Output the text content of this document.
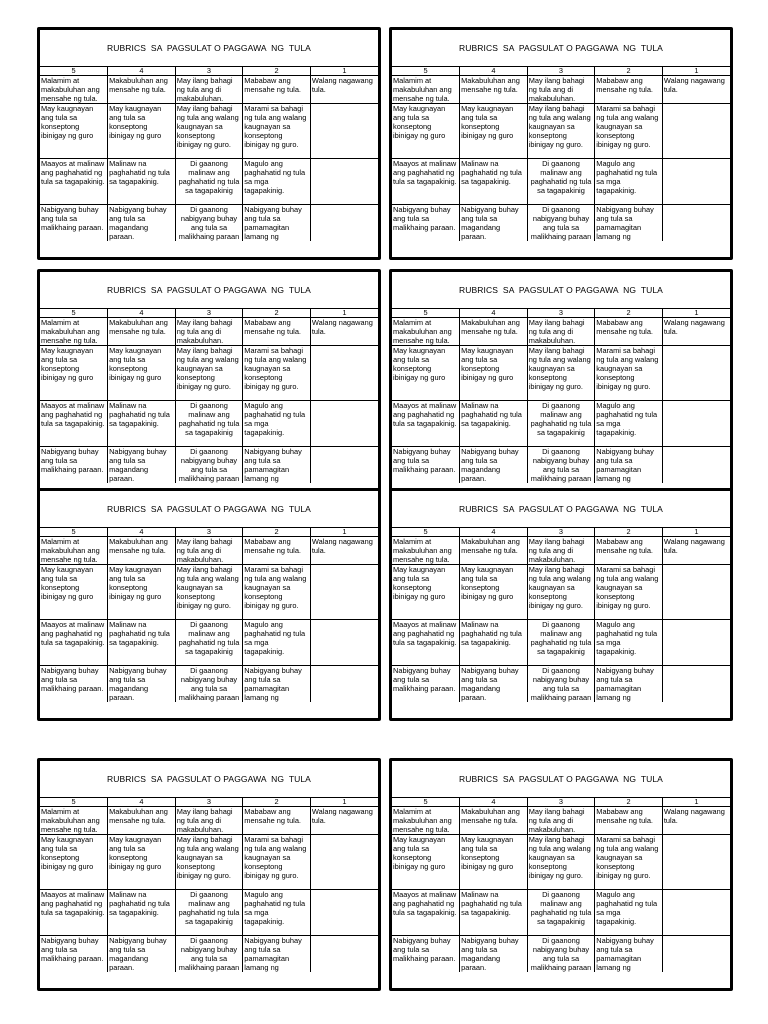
RUBRICS  SA  PAGSULAT O PAGGAWA  NG  TULA
5	4	3	2	1

Malamim at makabuluhan ang mensahe ng tula.	Makabuluhan ang mensahe ng tula.	May ilang bahagi ng tula ang di makabuluhan.	Mababaw ang mensahe ng tula.	Walang nagawang tula.

May kaugnayan ang tula sa konseptong ibinigay ng guro	May kaugnayan ang tula sa konseptong ibinigay ng guro	May ilang bahagi ng tula ang walang kaugnayan sa konseptong ibinigay ng guro.	Marami sa bahagi ng tula ang walang kaugnayan sa konseptong ibinigay ng guro.	

Maayos at malinaw ang paghahatid ng tula sa tagapakinig.	Malinaw na paghahatid ng tula sa tagapakinig.	Di gaanong malinaw ang paghahatid ng tula sa tagapakinig	Magulo ang paghahatid ng tula sa mga tagapakinig.	

Nabigyang buhay ang tula sa malikhaing paraan.	Nabigyang buhay ang tula sa magandang paraan.	Di gaanong nabigyang buhay ang tula sa malikhaing paraan	Nabigyang buhay ang tula sa pamamagitan lamang ng	

RUBRICS  SA  PAGSULAT O PAGGAWA  NG  TULA
5	4	3	2	1

Malamim at makabuluhan ang mensahe ng tula.	Makabuluhan ang mensahe ng tula.	May ilang bahagi ng tula ang di makabuluhan.	Mababaw ang mensahe ng tula.	Walang nagawang tula.

May kaugnayan ang tula sa konseptong ibinigay ng guro	May kaugnayan ang tula sa konseptong ibinigay ng guro	May ilang bahagi ng tula ang walang kaugnayan sa konseptong ibinigay ng guro.	Marami sa bahagi ng tula ang walang kaugnayan sa konseptong ibinigay ng guro.	

Maayos at malinaw ang paghahatid ng tula sa tagapakinig.	Malinaw na paghahatid ng tula sa tagapakinig.	Di gaanong malinaw ang paghahatid ng tula sa tagapakinig	Magulo ang paghahatid ng tula sa mga tagapakinig.	

Nabigyang buhay ang tula sa malikhaing paraan.	Nabigyang buhay ang tula sa magandang paraan.	Di gaanong nabigyang buhay ang tula sa malikhaing paraan	Nabigyang buhay ang tula sa pamamagitan lamang ng	

RUBRICS  SA  PAGSULAT O PAGGAWA  NG  TULA
5	4	3	2	1

Malamim at makabuluhan ang mensahe ng tula.	Makabuluhan ang mensahe ng tula.	May ilang bahagi ng tula ang di makabuluhan.	Mababaw ang mensahe ng tula.	Walang nagawang tula.

May kaugnayan ang tula sa konseptong ibinigay ng guro	May kaugnayan ang tula sa konseptong ibinigay ng guro	May ilang bahagi ng tula ang walang kaugnayan sa konseptong ibinigay ng guro.	Marami sa bahagi ng tula ang walang kaugnayan sa konseptong ibinigay ng guro.	

Maayos at malinaw ang paghahatid ng tula sa tagapakinig.	Malinaw na paghahatid ng tula sa tagapakinig.	Di gaanong malinaw ang paghahatid ng tula sa tagapakinig	Magulo ang paghahatid ng tula sa mga tagapakinig.	

Nabigyang buhay ang tula sa malikhaing paraan.	Nabigyang buhay ang tula sa magandang paraan.	Di gaanong nabigyang buhay ang tula sa malikhaing paraan	Nabigyang buhay ang tula sa pamamagitan lamang ng	

RUBRICS  SA  PAGSULAT O PAGGAWA  NG  TULA
5	4	3	2	1

Malamim at makabuluhan ang mensahe ng tula.	Makabuluhan ang mensahe ng tula.	May ilang bahagi ng tula ang di makabuluhan.	Mababaw ang mensahe ng tula.	Walang nagawang tula.

May kaugnayan ang tula sa konseptong ibinigay ng guro	May kaugnayan ang tula sa konseptong ibinigay ng guro	May ilang bahagi ng tula ang walang kaugnayan sa konseptong ibinigay ng guro.	Marami sa bahagi ng tula ang walang kaugnayan sa konseptong ibinigay ng guro.	

Maayos at malinaw ang paghahatid ng tula sa tagapakinig.	Malinaw na paghahatid ng tula sa tagapakinig.	Di gaanong malinaw ang paghahatid ng tula sa tagapakinig	Magulo ang paghahatid ng tula sa mga tagapakinig.	

Nabigyang buhay ang tula sa malikhaing paraan.	Nabigyang buhay ang tula sa magandang paraan.	Di gaanong nabigyang buhay ang tula sa malikhaing paraan	Nabigyang buhay ang tula sa pamamagitan lamang ng	

RUBRICS  SA  PAGSULAT O PAGGAWA  NG  TULA
5	4	3	2	1

Malamim at makabuluhan ang mensahe ng tula.	Makabuluhan ang mensahe ng tula.	May ilang bahagi ng tula ang di makabuluhan.	Mababaw ang mensahe ng tula.	Walang nagawang tula.

May kaugnayan ang tula sa konseptong ibinigay ng guro	May kaugnayan ang tula sa konseptong ibinigay ng guro	May ilang bahagi ng tula ang walang kaugnayan sa konseptong ibinigay ng guro.	Marami sa bahagi ng tula ang walang kaugnayan sa konseptong ibinigay ng guro.	

Maayos at malinaw ang paghahatid ng tula sa tagapakinig.	Malinaw na paghahatid ng tula sa tagapakinig.	Di gaanong malinaw ang paghahatid ng tula sa tagapakinig	Magulo ang paghahatid ng tula sa mga tagapakinig.	

Nabigyang buhay ang tula sa malikhaing paraan.	Nabigyang buhay ang tula sa magandang paraan.	Di gaanong nabigyang buhay ang tula sa malikhaing paraan	Nabigyang buhay ang tula sa pamamagitan lamang ng	

RUBRICS  SA  PAGSULAT O PAGGAWA  NG  TULA
5	4	3	2	1

Malamim at makabuluhan ang mensahe ng tula.	Makabuluhan ang mensahe ng tula.	May ilang bahagi ng tula ang di makabuluhan.	Mababaw ang mensahe ng tula.	Walang nagawang tula.

May kaugnayan ang tula sa konseptong ibinigay ng guro	May kaugnayan ang tula sa konseptong ibinigay ng guro	May ilang bahagi ng tula ang walang kaugnayan sa konseptong ibinigay ng guro.	Marami sa bahagi ng tula ang walang kaugnayan sa konseptong ibinigay ng guro.	

Maayos at malinaw ang paghahatid ng tula sa tagapakinig.	Malinaw na paghahatid ng tula sa tagapakinig.	Di gaanong malinaw ang paghahatid ng tula sa tagapakinig	Magulo ang paghahatid ng tula sa mga tagapakinig.	

Nabigyang buhay ang tula sa malikhaing paraan.	Nabigyang buhay ang tula sa magandang paraan.	Di gaanong nabigyang buhay ang tula sa malikhaing paraan	Nabigyang buhay ang tula sa pamamagitan lamang ng	

RUBRICS  SA  PAGSULAT O PAGGAWA  NG  TULA
5	4	3	2	1

Malamim at makabuluhan ang mensahe ng tula.	Makabuluhan ang mensahe ng tula.	May ilang bahagi ng tula ang di makabuluhan.	Mababaw ang mensahe ng tula.	Walang nagawang tula.

May kaugnayan ang tula sa konseptong ibinigay ng guro	May kaugnayan ang tula sa konseptong ibinigay ng guro	May ilang bahagi ng tula ang walang kaugnayan sa konseptong ibinigay ng guro.	Marami sa bahagi ng tula ang walang kaugnayan sa konseptong ibinigay ng guro.	

Maayos at malinaw ang paghahatid ng tula sa tagapakinig.	Malinaw na paghahatid ng tula sa tagapakinig.	Di gaanong malinaw ang paghahatid ng tula sa tagapakinig	Magulo ang paghahatid ng tula sa mga tagapakinig.	

Nabigyang buhay ang tula sa malikhaing paraan.	Nabigyang buhay ang tula sa magandang paraan.	Di gaanong nabigyang buhay ang tula sa malikhaing paraan	Nabigyang buhay ang tula sa pamamagitan lamang ng	

RUBRICS  SA  PAGSULAT O PAGGAWA  NG  TULA
5	4	3	2	1

Malamim at makabuluhan ang mensahe ng tula.	Makabuluhan ang mensahe ng tula.	May ilang bahagi ng tula ang di makabuluhan.	Mababaw ang mensahe ng tula.	Walang nagawang tula.

May kaugnayan ang tula sa konseptong ibinigay ng guro	May kaugnayan ang tula sa konseptong ibinigay ng guro	May ilang bahagi ng tula ang walang kaugnayan sa konseptong ibinigay ng guro.	Marami sa bahagi ng tula ang walang kaugnayan sa konseptong ibinigay ng guro.	

Maayos at malinaw ang paghahatid ng tula sa tagapakinig.	Malinaw na paghahatid ng tula sa tagapakinig.	Di gaanong malinaw ang paghahatid ng tula sa tagapakinig	Magulo ang paghahatid ng tula sa mga tagapakinig.	

Nabigyang buhay ang tula sa malikhaing paraan.	Nabigyang buhay ang tula sa magandang paraan.	Di gaanong nabigyang buhay ang tula sa malikhaing paraan	Nabigyang buhay ang tula sa pamamagitan lamang ng	
